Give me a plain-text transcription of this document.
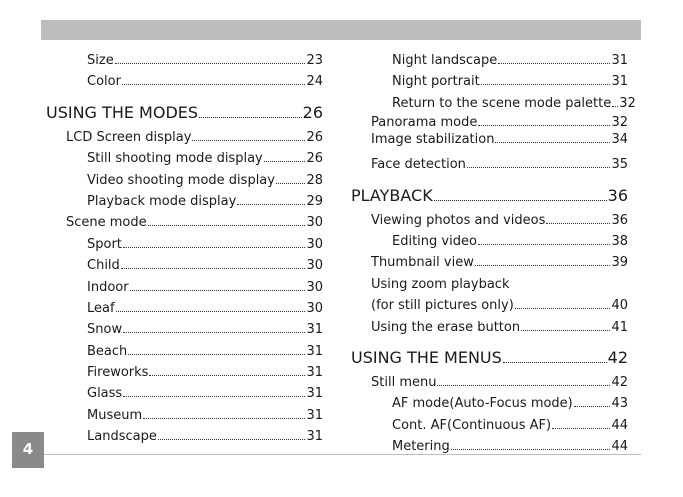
Size	23
Color	24
USING THE MODES	26
LCD Screen display	26
Still shooting mode display	26
Video shooting mode display 28
Playback mode display	29
Scene mode	30
Sport	30
Child	30
Indoor	30
Leaf	30
Snow	31
Beach	31
Fireworks	31
Glass	31
Museum	31
Landscape	31
Night landscape	31
Night portrait	31
Return to the scene mode palette 32
Panorama mode	32
Image stabilization	34
Face detection	35
PLAYBACK	36
Viewing photos and videos	36
Editing video	38
Thumbnail view	39
Using zoom playback
(for still pictures only)	40
Using the erase button	41
USING THE MENUS	42
Still menu	42
AF mode(Auto-Focus mode)	43
Cont. AF(Continuous AF)	44
Metering	44
4
